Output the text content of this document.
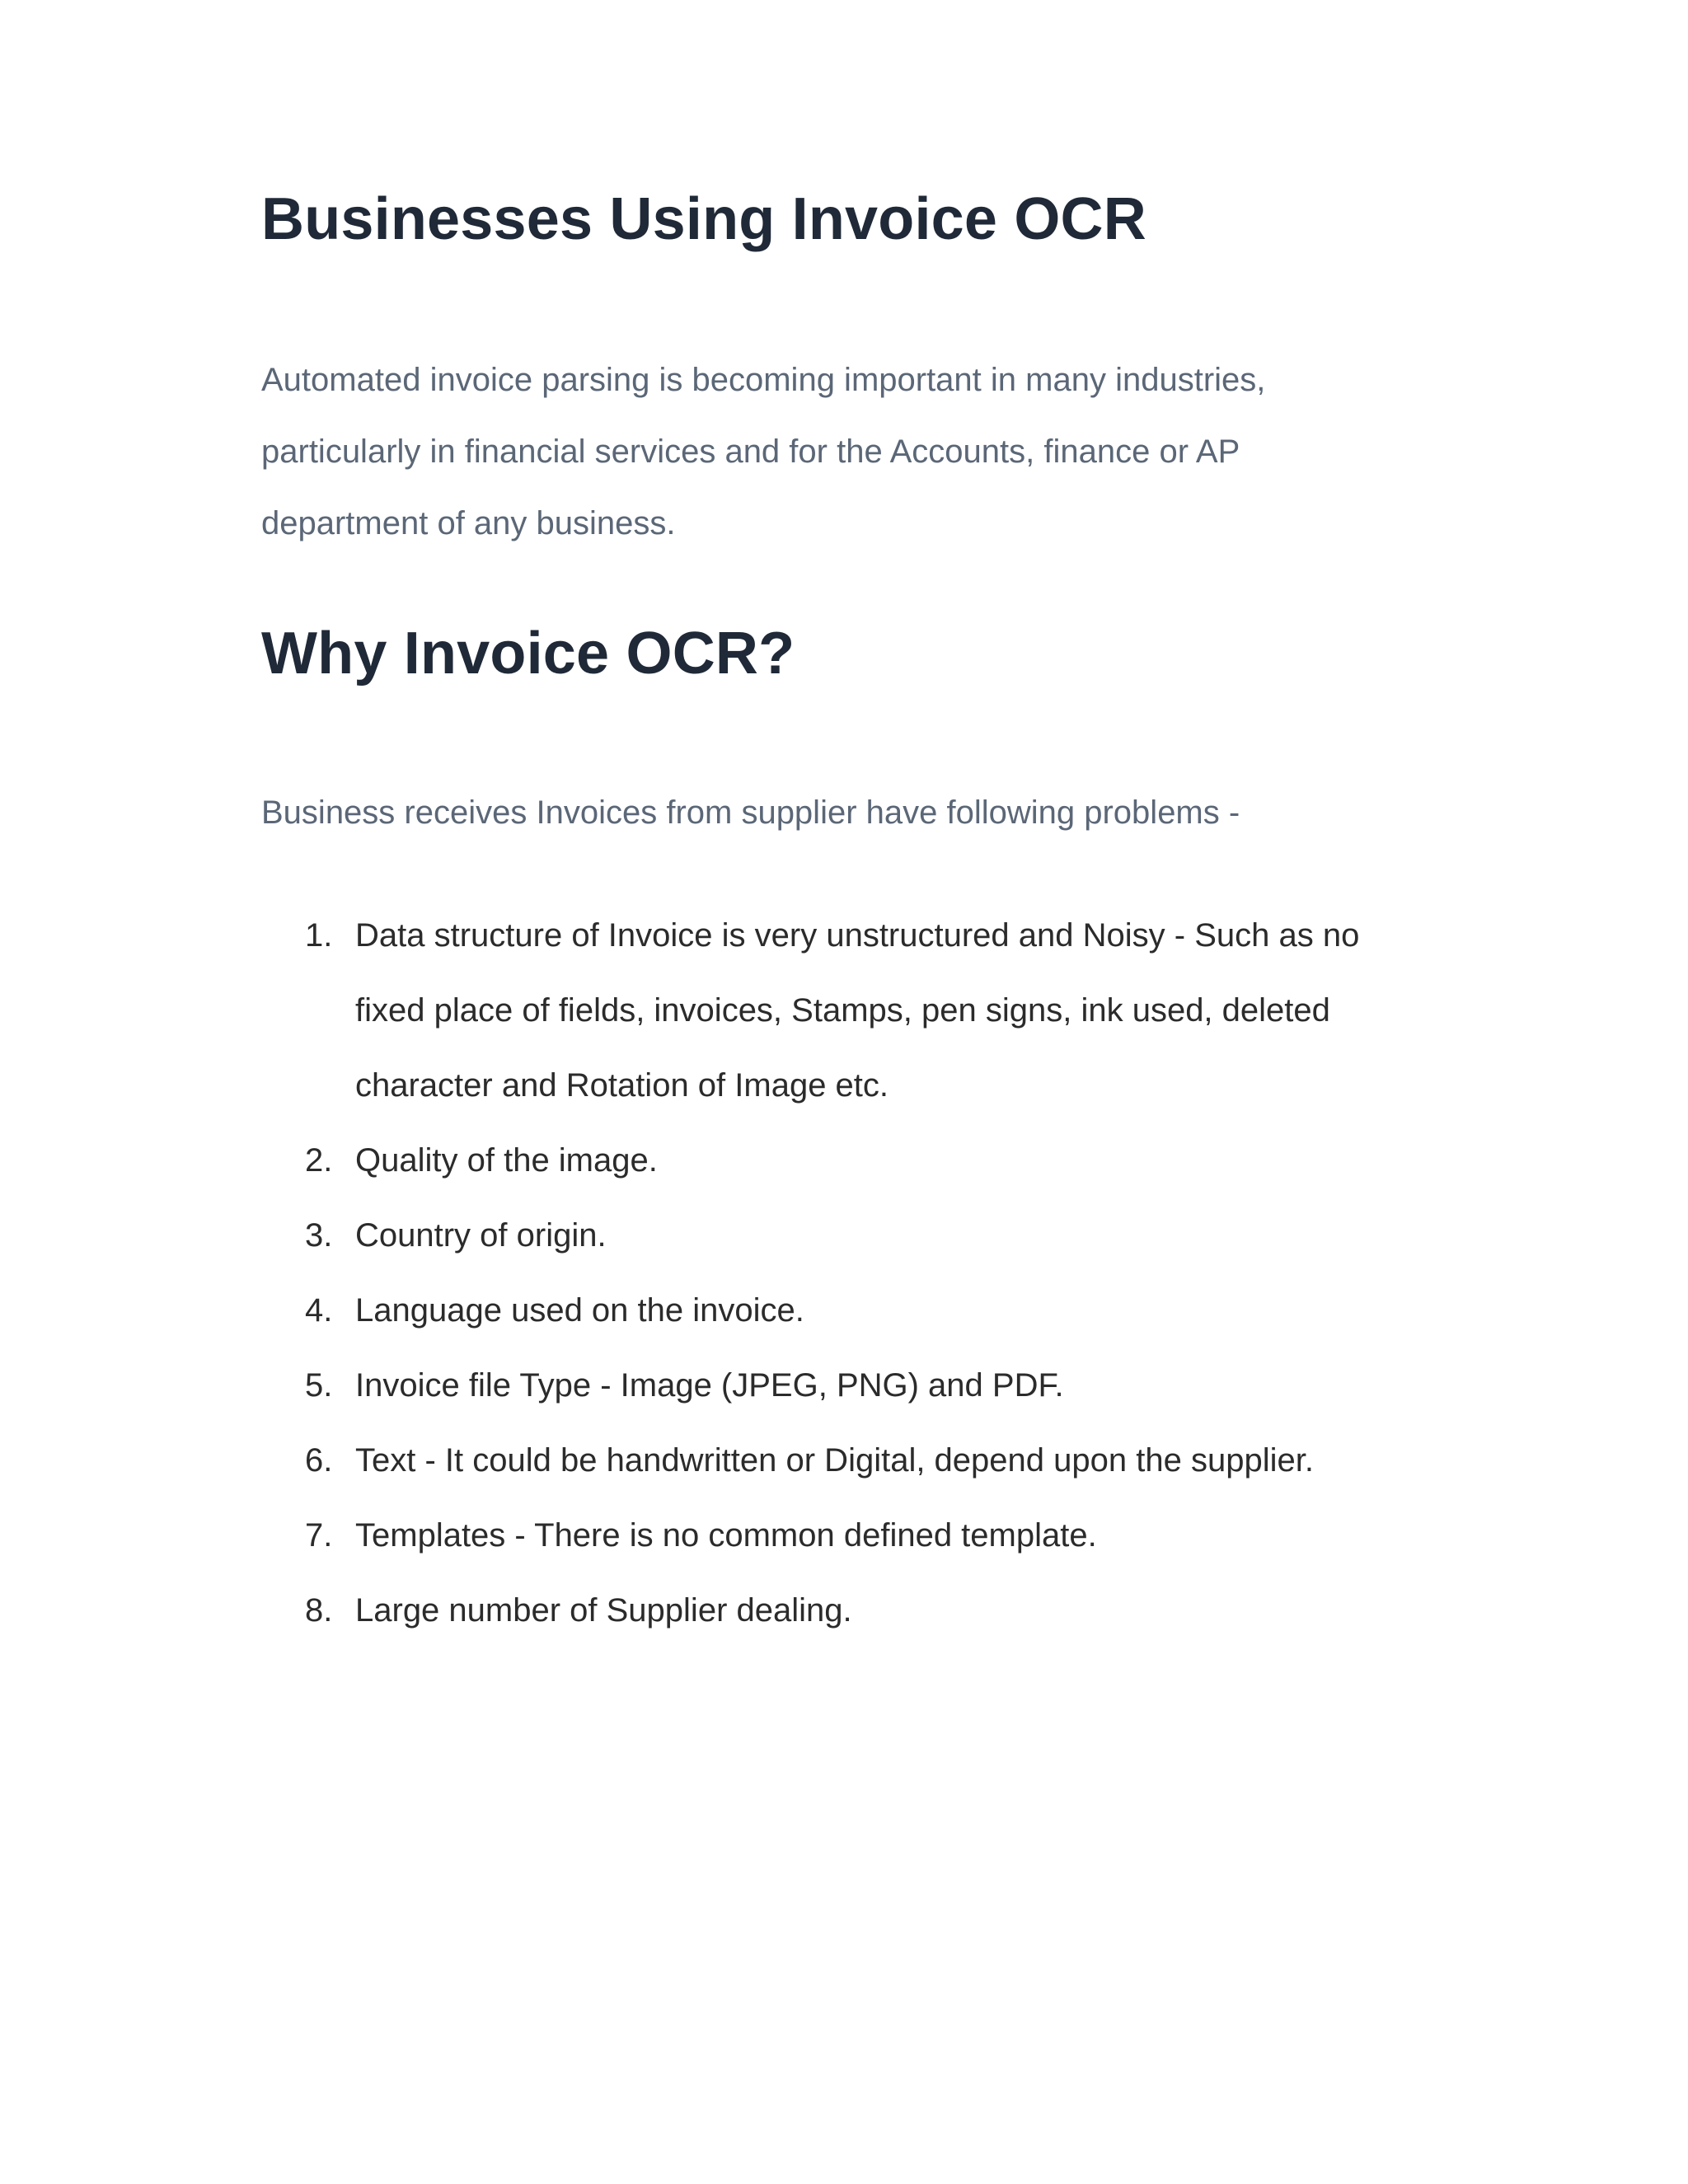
Businesses Using Invoice OCR

Automated invoice parsing is becoming important in many industries, particularly in financial services and for the Accounts, finance or AP department of any business.

Why Invoice OCR?

Business receives Invoices from supplier have following problems -

1. Data structure of Invoice is very unstructured and Noisy - Such as no fixed place of fields, invoices, Stamps, pen signs, ink used, deleted character and Rotation of Image etc.
2. Quality of the image.
3. Country of origin.
4. Language used on the invoice.
5. Invoice file Type - Image (JPEG, PNG) and PDF.
6. Text - It could be handwritten or Digital, depend upon the supplier.
7. Templates - There is no common defined template.
8. Large number of Supplier dealing.
